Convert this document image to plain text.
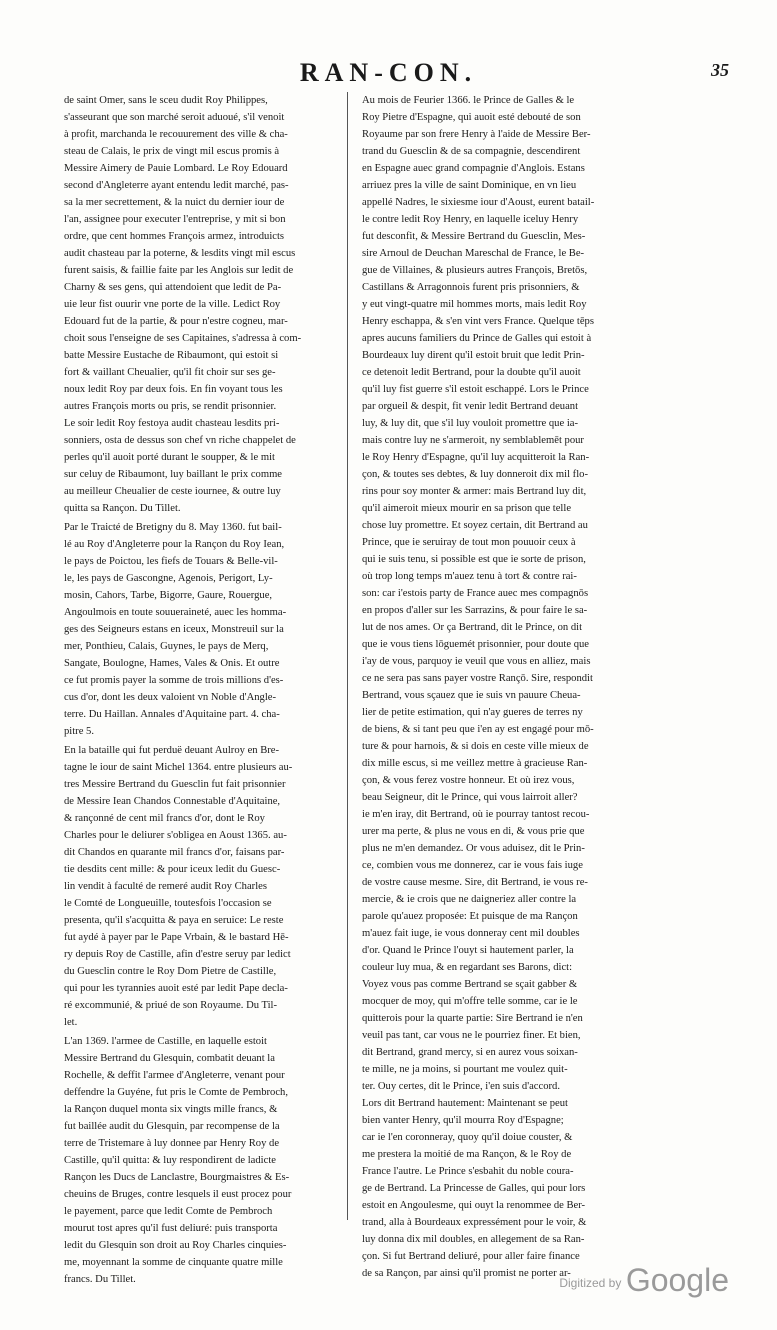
RAN-CON.	35
de saint Omer, sans le sceu dudit Roy Philippes,
s'asseurant que son marché seroit aduoué, s'il venoit
à profit, marchanda le recouurement des ville & cha-
steau de Calais, le prix de vingt mil escus promis à
Messire Aimery de Pauie Lombard. Le Roy Edouard
second d'Angleterre ayant entendu ledit marché, pas-
sa la mer secrettement, & la nuict du dernier iour de
l'an, assignee pour executer l'entreprise, y mit si bon
ordre, que cent hommes François armez, introduicts
audit chasteau par la poterne, & lesdits vingt mil escus
furent saisis, & faillie faite par les Anglois sur ledit de
Charny & ses gens, qui attendoient que ledit de Pa-
uie leur fist ouurir vne porte de la ville. Ledict Roy
Edouard fut de la partie, & pour n'estre cogneu, mar-
choit sous l'enseigne de ses Capitaines, s'adressa à com-
batte Messire Eustache de Ribaumont, qui estoit si
fort & vaillant Cheualier, qu'il fit choir sur ses ge-
noux ledit Roy par deux fois. En fin voyant tous les
autres François morts ou pris, se rendit prisonnier.
Le soir ledit Roy festoya audit chasteau lesdits pri-
sonniers, osta de dessus son chef vn riche chappelet de
perles qu'il auoit porté durant le soupper, & le mit
sur celuy de Ribaumont, luy baillant le prix comme
au meilleur Cheualier de ceste iournee, & outre luy
quitta sa Rançon. Du Tillet.
Par le Traicté de Bretigny du 8. May 1360. fut bail-
lé au Roy d'Angleterre pour la Rançon du Roy Iean,
le pays de Poictou, les fiefs de Touars & Belle-vil-
le, les pays de Gascongne, Agenois, Perigort, Ly-
mosin, Cahors, Tarbe, Bigorre, Gaure, Rouergue,
Angoulmois en toute souueraineté, auec les homma-
ges des Seigneurs estans en iceux, Monstreuil sur la
mer, Ponthieu, Calais, Guynes, le pays de Merq,
Sangate, Boulogne, Hames, Vales & Onis. Et outre
ce fut promis payer la somme de trois millions d'es-
cus d'or, dont les deux valoient vn Noble d'Angle-
terre. Du Haillan. Annales d'Aquitaine part. 4. cha-
pitre 5.
En la bataille qui fut perduë deuant Aulroy en Bre-
tagne le iour de saint Michel 1364. entre plusieurs au-
tres Messire Bertrand du Guesclin fut fait prisonnier
de Messire Iean Chandos Connestable d'Aquitaine,
& rançonné de cent mil francs d'or, dont le Roy
Charles pour le deliurer s'obligea en Aoust 1365. au-
dit Chandos en quarante mil francs d'or, faisans par-
tie desdits cent mille: & pour iceux ledit du Guesc-
lin vendit à faculté de remeré audit Roy Charles
le Comté de Longueuille, toutesfois l'occasion se
presenta, qu'il s'acquitta & paya en seruice: Le reste
fut aydé à payer par le Pape Vrbain, & le bastard Hē-
ry depuis Roy de Castille, afin d'estre seruy par ledict
du Guesclin contre le Roy Dom Pietre de Castille,
qui pour les tyrannies auoit esté par ledit Pape decla-
ré excommunié, & priué de son Royaume. Du Til-
let.
L'an 1369. l'armee de Castille, en laquelle estoit
Messire Bertrand du Glesquin, combatit deuant la
Rochelle, & deffit l'armee d'Angleterre, venant pour
deffendre la Guyéne, fut pris le Comte de Pembroch,
la Rançon duquel monta six vingts mille francs, &
fut baillée audit du Glesquin, par recompense de la
terre de Tristemare à luy donnee par Henry Roy de
Castille, qu'il quitta: & luy respondirent de ladicte
Rançon les Ducs de Lanclastre, Bourgmaistres & Es-
cheuins de Bruges, contre lesquels il eust procez pour
le payement, parce que ledit Comte de Pembroch
mourut tost apres qu'il fust deliuré: puis transporta
ledit du Glesquin son droit au Roy Charles cinquies-
me, moyennant la somme de cinquante quatre mille
francs. Du Tillet.
Au mois de Feurier 1366. le Prince de Galles & le
Roy Pietre d'Espagne, qui auoit esté debouté de son
Royaume par son frere Henry à l'aide de Messire Ber-
trand du Guesclin & de sa compagnie, descendirent
en Espagne auec grand compagnie d'Anglois. Estans
arriuez pres la ville de saint Dominique, en vn lieu
appellé Nadres, le sixiesme iour d'Aoust, eurent batail-
le contre ledit Roy Henry, en laquelle iceluy Henry
fut desconfit, & Messire Bertrand du Guesclin, Mes-
sire Arnoul de Deuchan Mareschal de France, le Be-
gue de Villaines, & plusieurs autres François, Bretōs,
Castillans & Arragonnois furent pris prisonniers, &
y eut vingt-quatre mil hommes morts, mais ledit Roy
Henry eschappa, & s'en vint vers France. Quelque tēps
apres aucuns familiers du Prince de Galles qui estoit à
Bourdeaux luy dirent qu'il estoit bruit que ledit Prin-
ce detenoit ledit Bertrand, pour la doubte qu'il auoit
qu'il luy fist guerre s'il estoit eschappé. Lors le Prince
par orgueil & despit, fit venir ledit Bertrand deuant
luy, & luy dit, que s'il luy vouloit promettre que ia-
mais contre luy ne s'armeroit, ny semblablemēt pour
le Roy Henry d'Espagne, qu'il luy acquitteroit la Ran-
çon, & toutes ses debtes, & luy donneroit dix mil flo-
rins pour soy monter & armer: mais Bertrand luy dit,
qu'il aimeroit mieux mourir en sa prison que telle
chose luy promettre. Et soyez certain, dit Bertrand au
Prince, que ie seruiray de tout mon pouuoir ceux à
qui ie suis tenu, si possible est que ie sorte de prison,
où trop long temps m'auez tenu à tort & contre rai-
son: car i'estois party de France auec mes compagnōs
en propos d'aller sur les Sarrazins, & pour faire le sa-
lut de nos ames. Or ça Bertrand, dit le Prince, on dit
que ie vous tiens lōguemét prisonnier, pour doute que
i'ay de vous, parquoy ie veuil que vous en alliez, mais
ce ne sera pas sans payer vostre Rançō. Sire, respondit
Bertrand, vous sçauez que ie suis vn pauure Cheua-
lier de petite estimation, qui n'ay gueres de terres ny
de biens, & si tant peu que i'en ay est engagé pour mō-
ture & pour harnois, & si dois en ceste ville mieux de
dix mille escus, si me veillez mettre à gracieuse Ran-
çon, & vous ferez vostre honneur. Et où irez vous,
beau Seigneur, dit le Prince, qui vous lairroit aller?
ie m'en iray, dit Bertrand, où ie pourray tantost recou-
urer ma perte, & plus ne vous en di, & vous prie que
plus ne m'en demandez. Or vous aduisez, dit le Prin-
ce, combien vous me donnerez, car ie vous fais iuge
de vostre cause mesme. Sire, dit Bertrand, ie vous re-
mercie, & ie crois que ne daigneriez aller contre la
parole qu'auez proposée: Et puisque de ma Rançon
m'auez fait iuge, ie vous donneray cent mil doubles
d'or. Quand le Prince l'ouyt si hautement parler, la
couleur luy mua, & en regardant ses Barons, dict:
Voyez vous pas comme Bertrand se sçait gabber &
mocquer de moy, qui m'offre telle somme, car ie le
quitterois pour la quarte partie: Sire Bertrand ie n'en
veuil pas tant, car vous ne le pourriez finer. Et bien,
dit Bertrand, grand mercy, si en aurez vous soixan-
te mille, ne ja moins, si pourtant me voulez quit-
ter. Ouy certes, dit le Prince, i'en suis d'accord.
Lors dit Bertrand hautement: Maintenant se peut
bien vanter Henry, qu'il mourra Roy d'Espagne;
car ie l'en coronneray, quoy qu'il doiue couster, &
me prestera la moitié de ma Rançon, & le Roy de
France l'autre. Le Prince s'esbahit du noble coura-
ge de Bertrand. La Princesse de Galles, qui pour lors
estoit en Angoulesme, qui ouyt la renommee de Ber-
trand, alla à Bourdeaux expressément pour le voir, &
luy donna dix mil doubles, en allegement de sa Ran-
çon. Si fut Bertrand deliuré, pour aller faire finance
de sa Rançon, par ainsi qu'il promist ne porter ar-
$^{Digitized by}$ Google
